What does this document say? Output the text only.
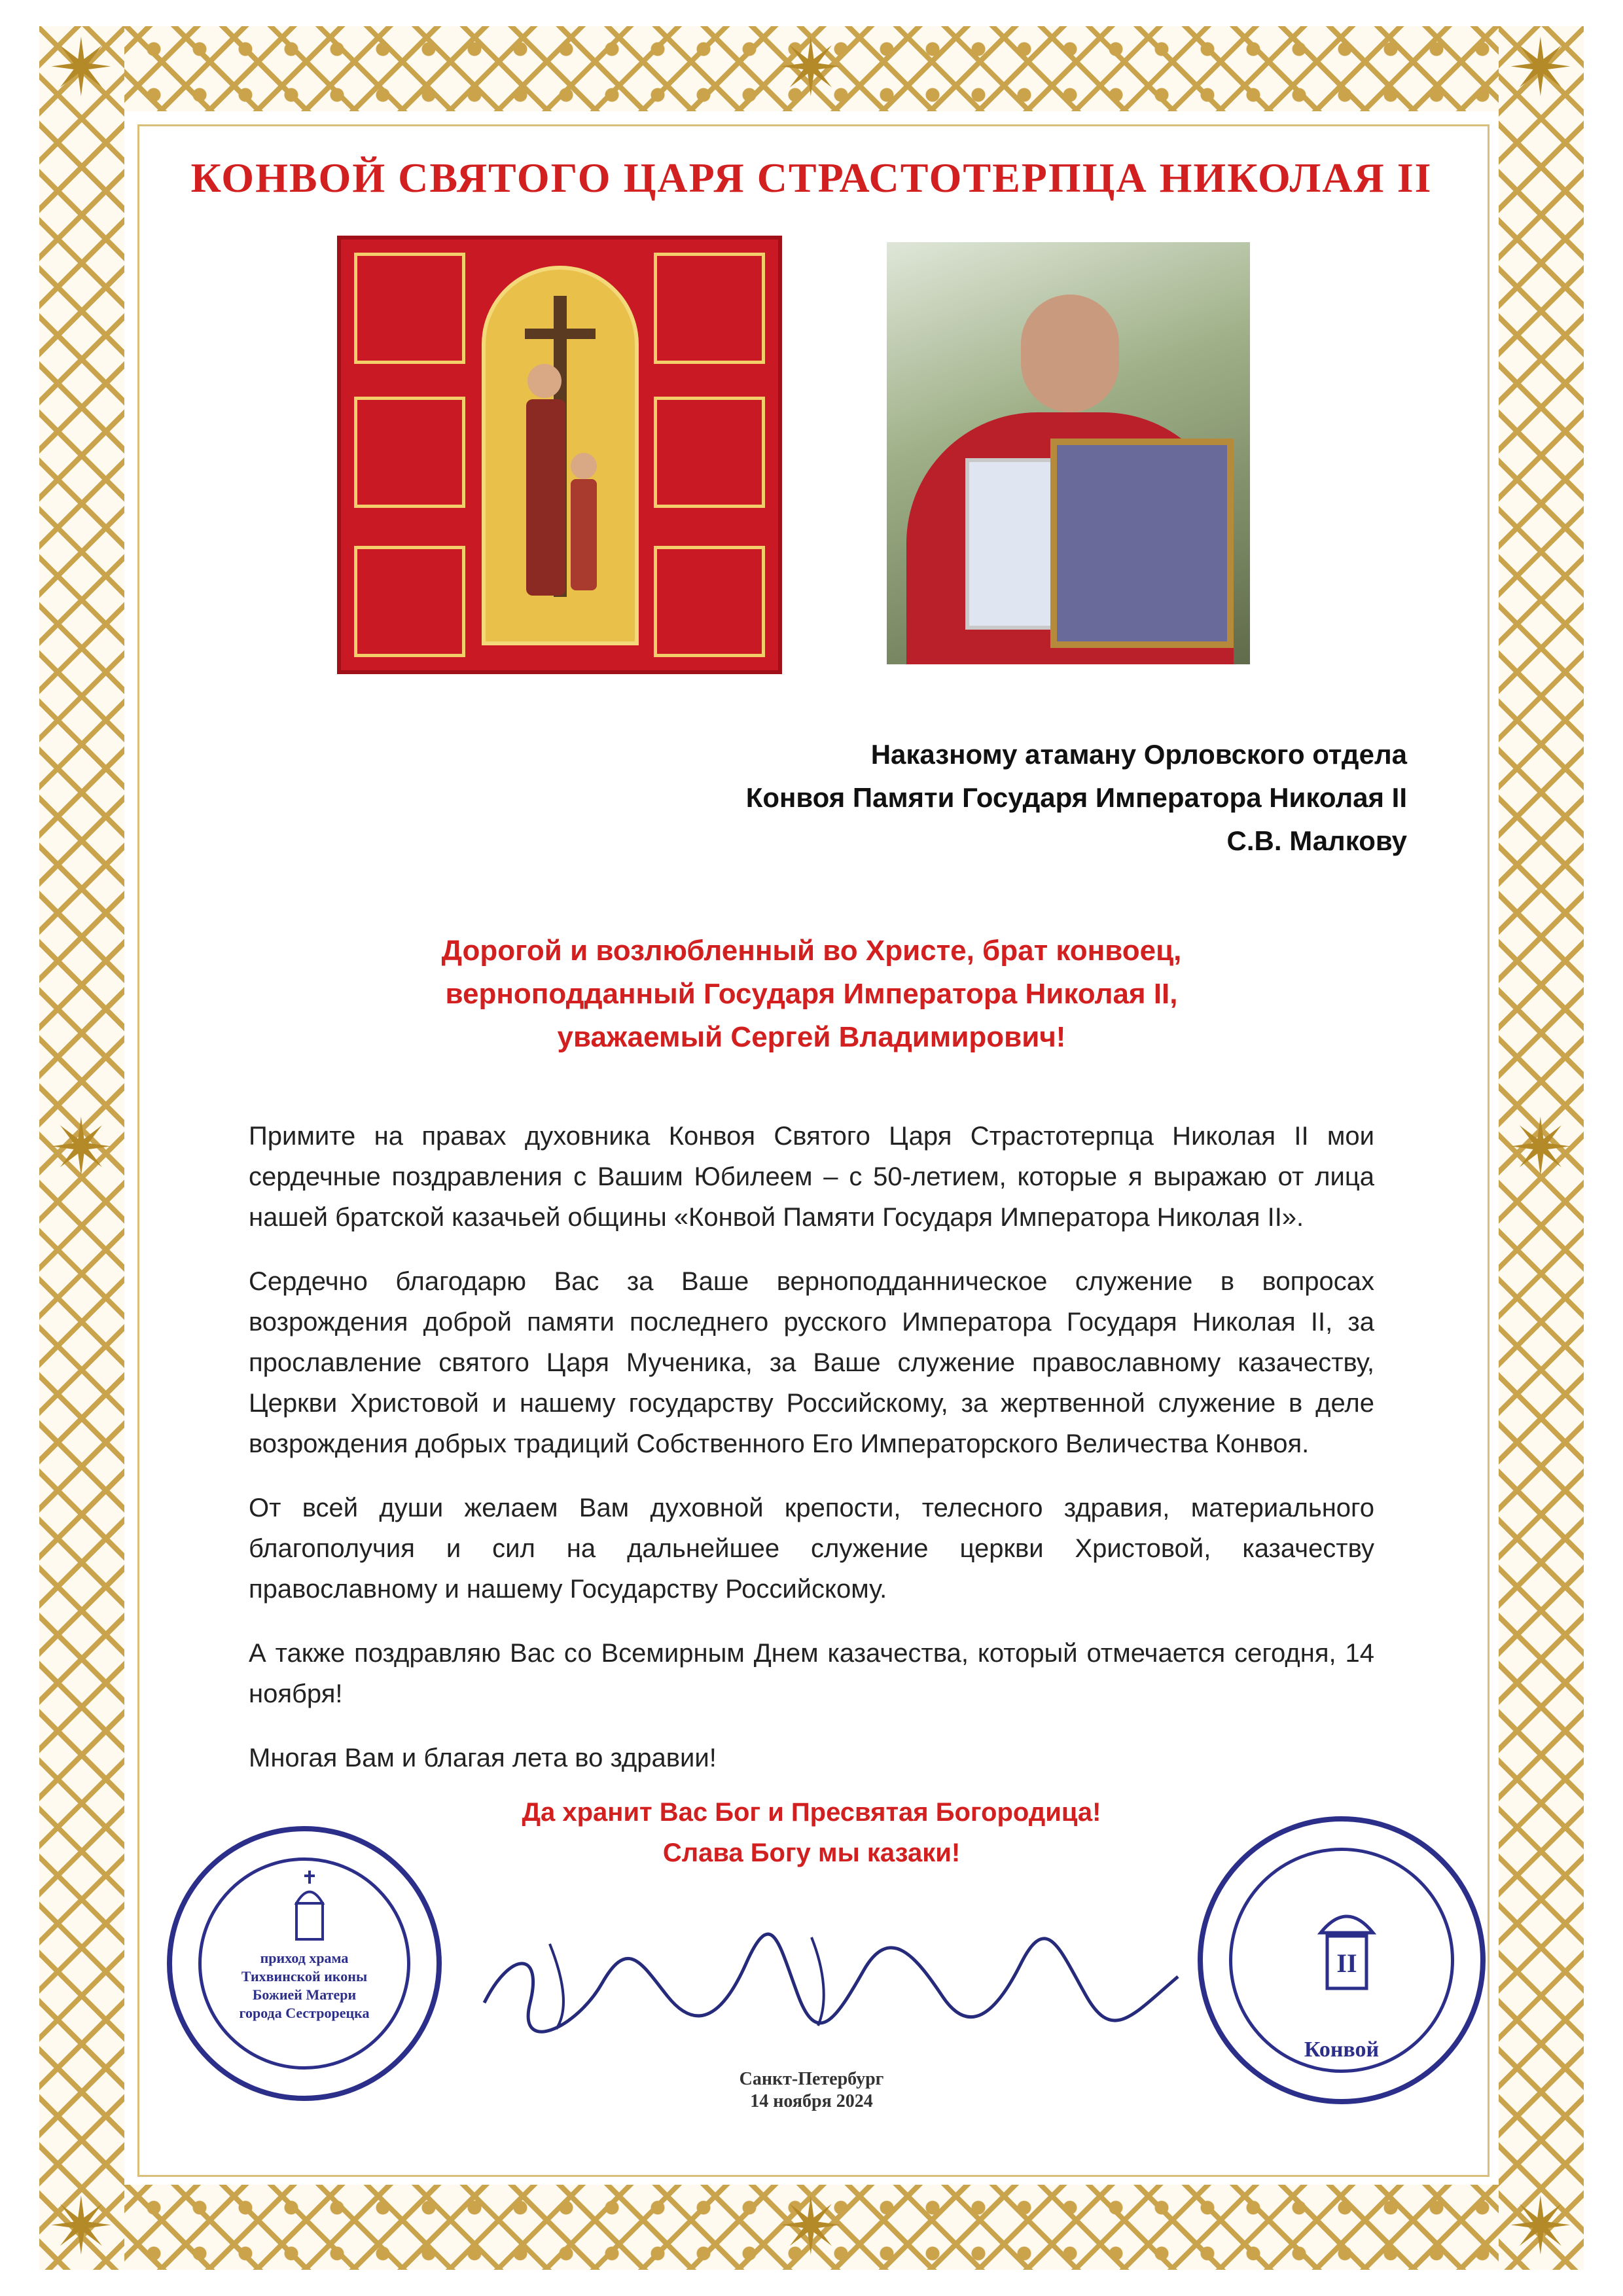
✴	✴
✴	✴
✴
✴
✴	✴
КОНВОЙ СВЯТОГО ЦАРЯ СТРАСТОТЕРПЦА НИКОЛАЯ II
Наказному атаману Орловского отдела
Конвоя Памяти Государя Императора Николая II
С.В. Малкову
Дорогой и возлюбленный во Христе, брат конвоец,
верноподданный Государя Императора Николая II,
уважаемый Сергей Владимирович!

Примите на правах духовника Конвоя Святого Царя Страстотерпца Николая II мои сердечные поздравления с Вашим Юбилеем – с 50-летием, которые я выражаю от лица нашей братской казачьей общины «Конвой Памяти Государя Императора Николая II».

Сердечно благодарю Вас за Ваше верноподданническое служение в вопросах возрождения доброй памяти последнего русского Императора Государя Николая II, за прославление святого Царя Мученика, за Ваше служение православному казачеству, Церкви Христовой и нашему государству Российскому, за жертвенной служение в деле возрождения добрых традиций Собственного Его Императорского Величества Конвоя.

От всей души желаем Вам духовной крепости, телесного здравия, материального благополучия и сил на дальнейшее служение церкви Христовой, казачеству православному и нашему Государству Российскому.

А также поздравляю Вас со Всемирным Днем казачества, который отмечается сегодня, 14 ноября!

Многая Вам и благая лета во здравии!

Да хранит Вас Бог и Пресвятая Богородица!
Слава Богу мы казаки!
приход храма Тихвинской иконы Божией Матери города Сестрорецка
II
Конвой
Санкт-Петербург
14 ноября 2024
